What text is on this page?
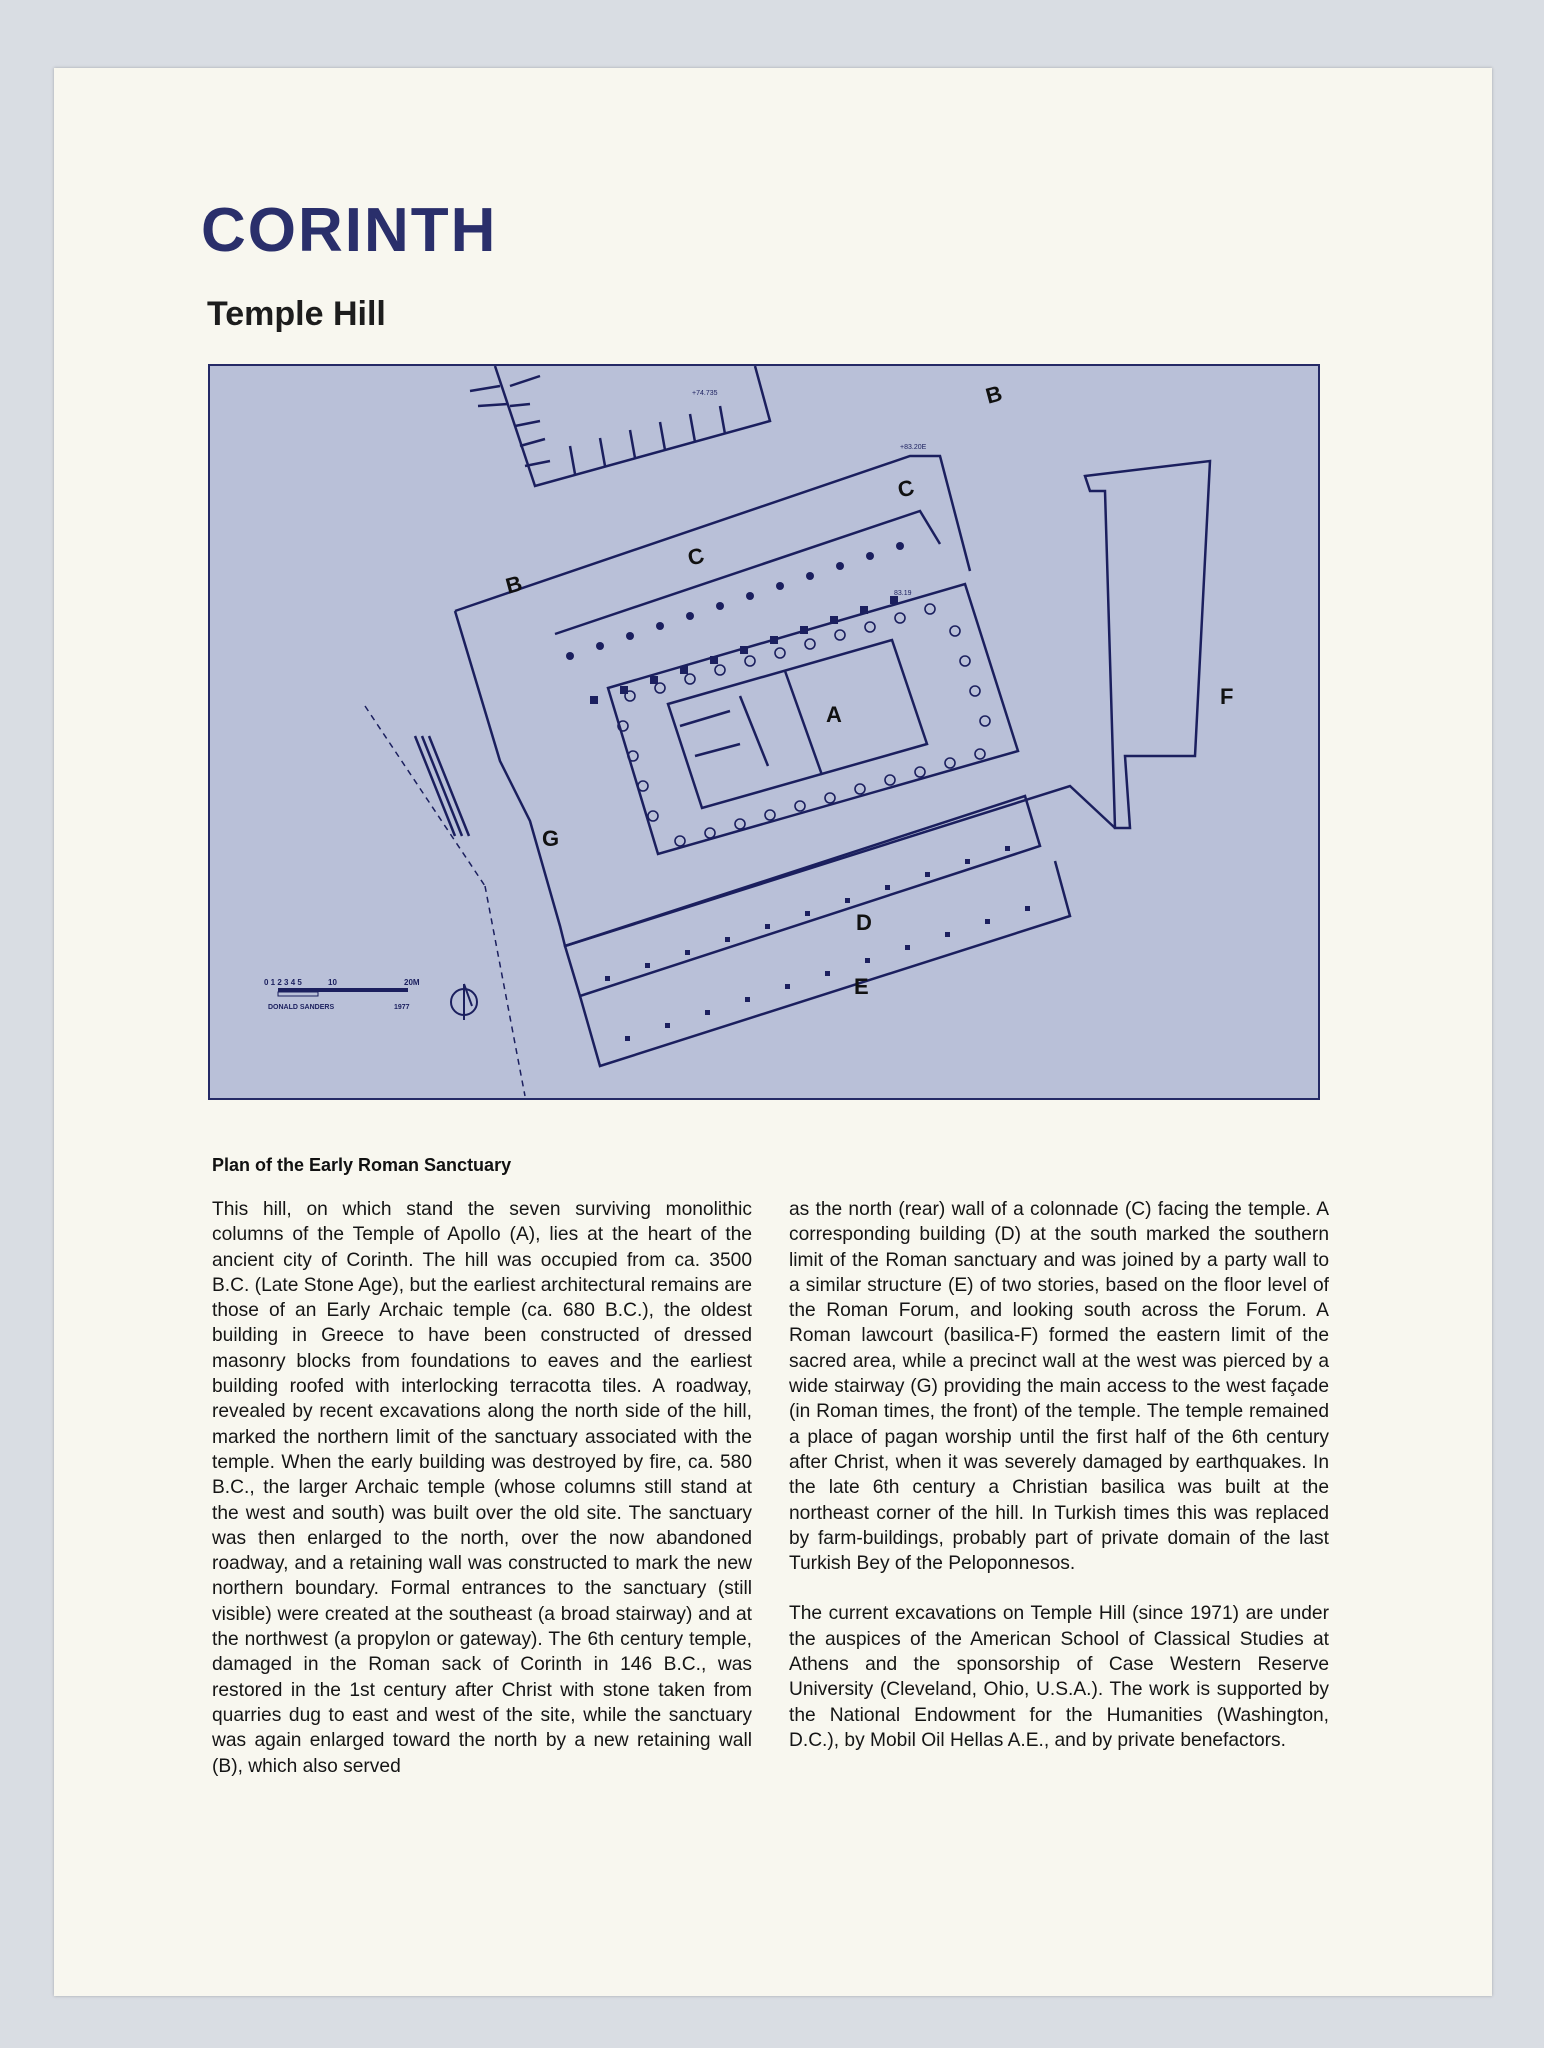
CORINTH
Temple Hill
0 1 2 3 4 5	10	20M
DONALD SANDERS	1977
+74.735
+83.20E
83.19
B
B
C
C
A
D
E
F
G
Plan of the Early Roman Sanctuary

This hill, on which stand the seven surviving monolithic columns of the Temple of Apollo (A), lies at the heart of the ancient city of Corinth. The hill was occupied from ca. 3500 B.C. (Late Stone Age), but the earliest architectural remains are those of an Early Archaic temple (ca. 680 B.C.), the oldest building in Greece to have been constructed of dressed masonry blocks from foundations to eaves and the earliest building roofed with interlocking terracotta tiles. A roadway, revealed by recent excavations along the north side of the hill, marked the northern limit of the sanctuary associated with the temple. When the early building was destroyed by fire, ca. 580 B.C., the larger Archaic temple (whose columns still stand at the west and south) was built over the old site. The sanctuary was then enlarged to the north, over the now abandoned roadway, and a retaining wall was constructed to mark the new northern boundary. Formal entrances to the sanctuary (still visible) were created at the southeast (a broad stairway) and at the northwest (a propylon or gateway). The 6th century temple, damaged in the Roman sack of Corinth in 146 B.C., was restored in the 1st century after Christ with stone taken from quarries dug to east and west of the site, while the sanctuary was again enlarged toward the north by a new retaining wall (B), which also served

as the north (rear) wall of a colonnade (C) facing the temple. A corresponding building (D) at the south marked the southern limit of the Roman sanctuary and was joined by a party wall to a similar structure (E) of two stories, based on the floor level of the Roman Forum, and looking south across the Forum. A Roman lawcourt (basilica-F) formed the eastern limit of the sacred area, while a precinct wall at the west was pierced by a wide stairway (G) providing the main access to the west façade (in Roman times, the front) of the temple. The temple remained a place of pagan worship until the first half of the 6th century after Christ, when it was severely damaged by earthquakes. In the late 6th century a Christian basilica was built at the northeast corner of the hill. In Turkish times this was replaced by farm-buildings, probably part of private domain of the last Turkish Bey of the Peloponnesos.

The current excavations on Temple Hill (since 1971) are under the auspices of the American School of Classical Studies at Athens and the sponsorship of Case Western Reserve University (Cleveland, Ohio, U.S.A.). The work is supported by the National Endowment for the Humanities (Washington, D.C.), by Mobil Oil Hellas A.E., and by private benefactors.
